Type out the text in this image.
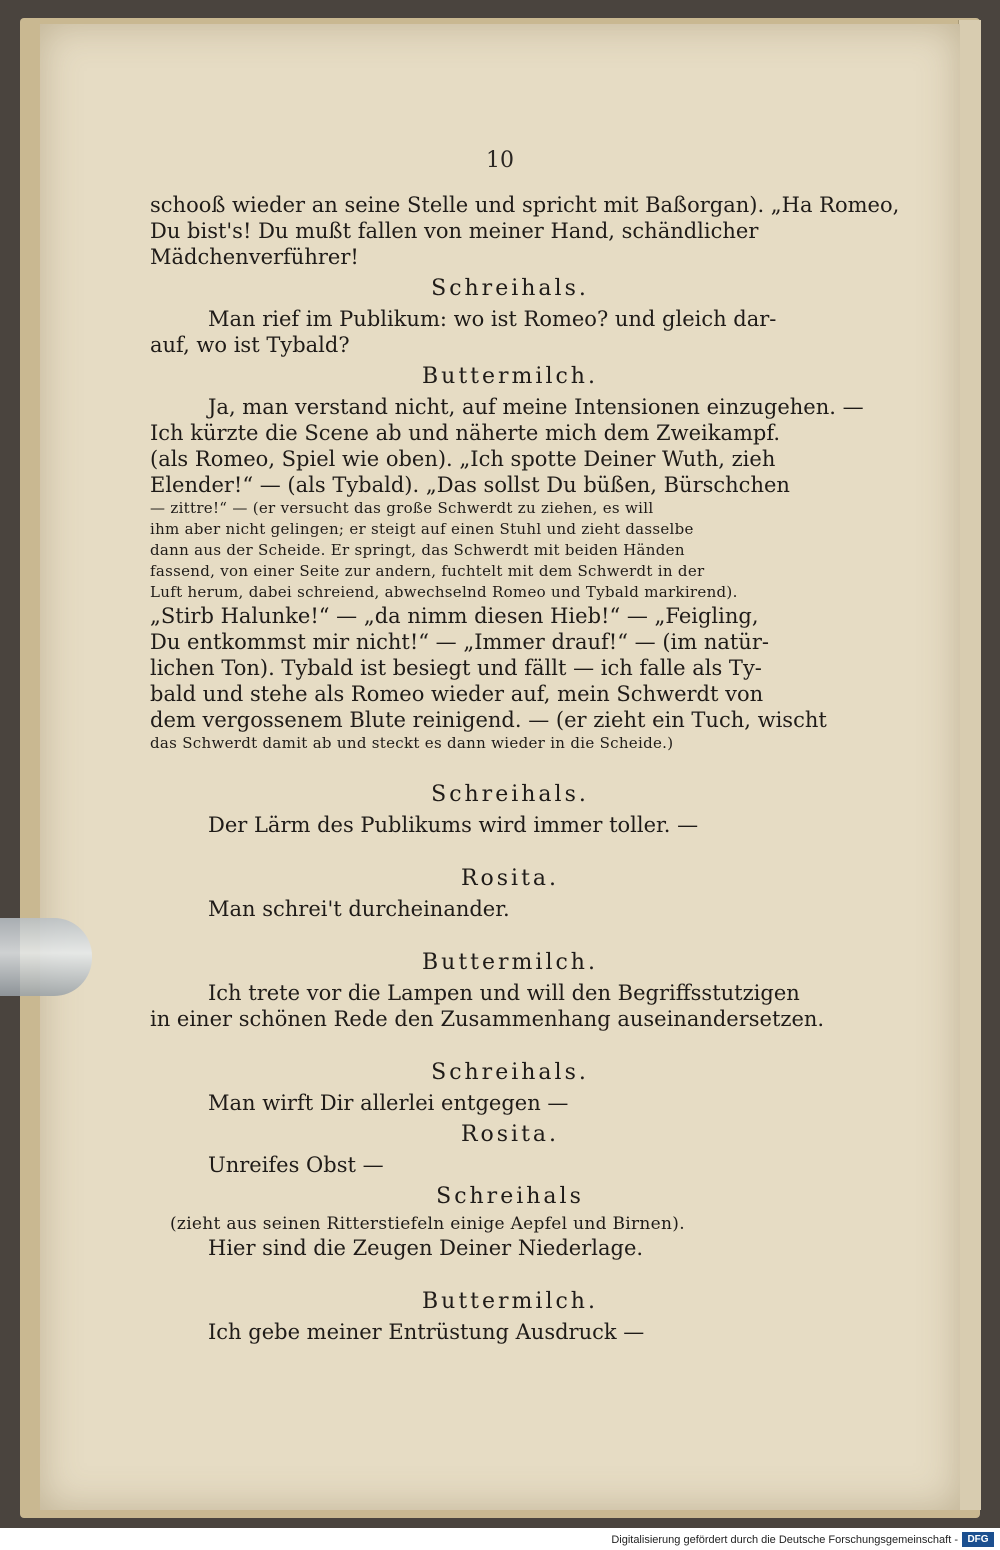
10
schooß wieder an seine Stelle und spricht mit Baßorgan). „Ha Romeo,
Du bist's! Du mußt fallen von meiner Hand, schändlicher
Mädchenverführer!
Schreihals.
Man rief im Publikum: wo ist Romeo? und gleich dar-
auf, wo ist Tybald?
Buttermilch.
Ja, man verstand nicht, auf meine Intensionen einzugehen. —
Ich kürzte die Scene ab und näherte mich dem Zweikampf.
(als Romeo, Spiel wie oben). „Ich spotte Deiner Wuth, zieh
Elender!“ — (als Tybald). „Das sollst Du büßen, Bürschchen
— zittre!“ — (er versucht das große Schwerdt zu ziehen, es will
ihm aber nicht gelingen; er steigt auf einen Stuhl und zieht dasselbe
dann aus der Scheide. Er springt, das Schwerdt mit beiden Händen
fassend, von einer Seite zur andern, fuchtelt mit dem Schwerdt in der
Luft herum, dabei schreiend, abwechselnd Romeo und Tybald markirend).
„Stirb Halunke!“ — „da nimm diesen Hieb!“ — „Feigling,
Du entkommst mir nicht!“ — „Immer drauf!“ — (im natür-
lichen Ton). Tybald ist besiegt und fällt — ich falle als Ty-
bald und stehe als Romeo wieder auf, mein Schwerdt von
dem vergossenem Blute reinigend. — (er zieht ein Tuch, wischt
das Schwerdt damit ab und steckt es dann wieder in die Scheide.)
Schreihals.
Der Lärm des Publikums wird immer toller. —
Rosita.
Man schrei't durcheinander.
Buttermilch.
Ich trete vor die Lampen und will den Begriffsstutzigen
in einer schönen Rede den Zusammenhang auseinandersetzen.
Schreihals.
Man wirft Dir allerlei entgegen —
Rosita.
Unreifes Obst —
Schreihals
(zieht aus seinen Ritterstiefeln einige Aepfel und Birnen).
Hier sind die Zeugen Deiner Niederlage.
Buttermilch.
Ich gebe meiner Entrüstung Ausdruck —
Digitalisierung gefördert durch die Deutsche Forschungsgemeinschaft - DFG
